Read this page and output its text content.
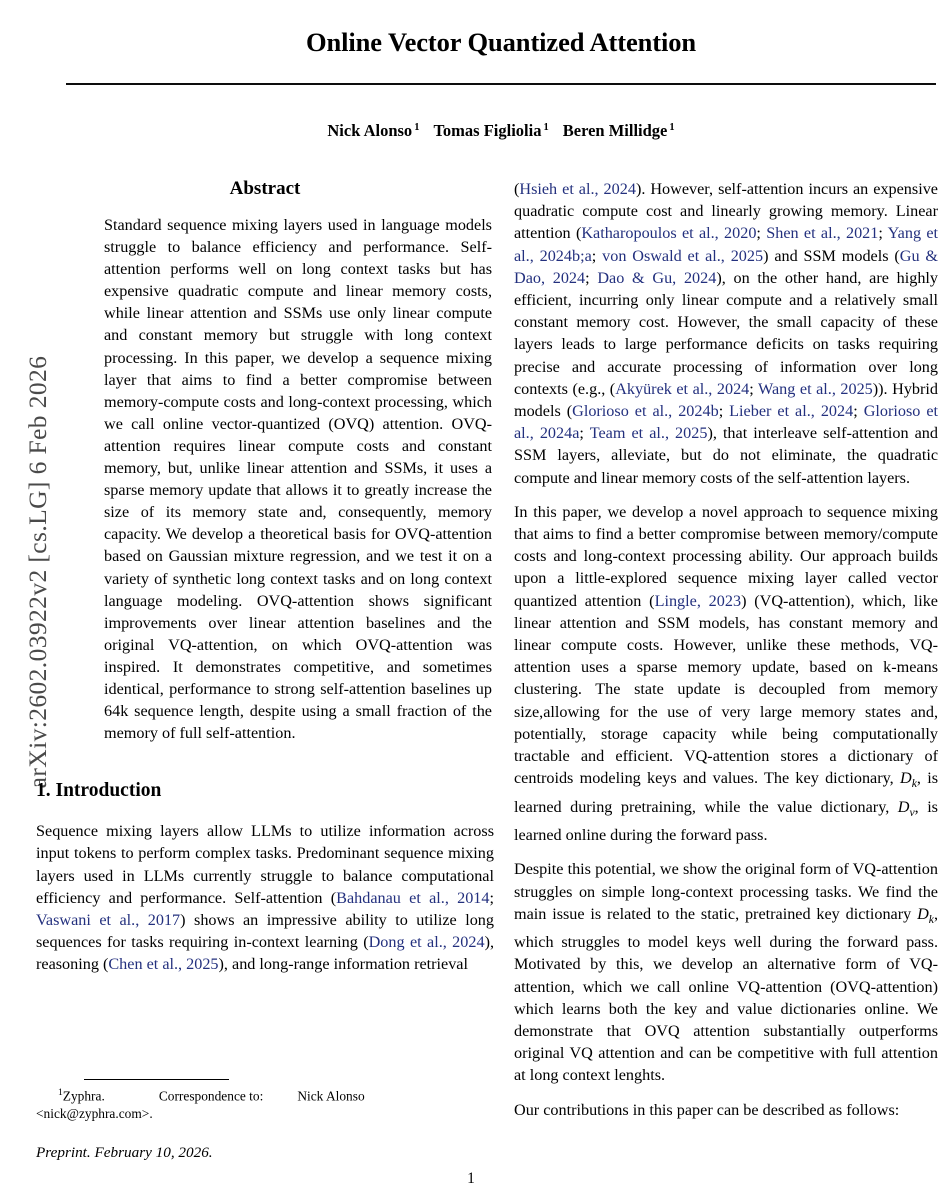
arXiv:2602.03922v2 [cs.LG] 6 Feb 2026
Online Vector Quantized Attention
Nick Alonso $^1$ Tomas Figliolia $^1$ Beren Millidge $^1$
Abstract
Standard sequence mixing layers used in language models struggle to balance efficiency and performance. Self-attention performs well on long context tasks but has expensive quadratic compute and linear memory costs, while linear attention and SSMs use only linear compute and constant memory but struggle with long context processing. In this paper, we develop a sequence mixing layer that aims to find a better compromise between memory-compute costs and long-context processing, which we call online vector-quantized (OVQ) attention. OVQ-attention requires linear compute costs and constant memory, but, unlike linear attention and SSMs, it uses a sparse memory update that allows it to greatly increase the size of its memory state and, consequently, memory capacity. We develop a theoretical basis for OVQ-attention based on Gaussian mixture regression, and we test it on a variety of synthetic long context tasks and on long context language modeling. OVQ-attention shows significant improvements over linear attention baselines and the original VQ-attention, on which OVQ-attention was inspired. It demonstrates competitive, and sometimes identical, performance to strong self-attention baselines up 64k sequence length, despite using a small fraction of the memory of full self-attention.
1. Introduction

Sequence mixing layers allow LLMs to utilize information across input tokens to perform complex tasks. Predominant sequence mixing layers used in LLMs currently struggle to balance computational efficiency and performance. Self-attention (Bahdanau et al., 2014; Vaswani et al., 2017) shows an impressive ability to utilize long sequences for tasks requiring in-context learning (Dong et al., 2024), reasoning (Chen et al., 2025), and long-range information retrieval

(Hsieh et al., 2024). However, self-attention incurs an expensive quadratic compute cost and linearly growing memory. Linear attention (Katharopoulos et al., 2020; Shen et al., 2021; Yang et al., 2024b;a; von Oswald et al., 2025) and SSM models (Gu & Dao, 2024; Dao & Gu, 2024), on the other hand, are highly efficient, incurring only linear compute and a relatively small constant memory cost. However, the small capacity of these layers leads to large performance deficits on tasks requiring precise and accurate processing of information over long contexts (e.g., (Akyürek et al., 2024; Wang et al., 2025)). Hybrid models (Glorioso et al., 2024b; Lieber et al., 2024; Glorioso et al., 2024a; Team et al., 2025), that interleave self-attention and SSM layers, alleviate, but do not eliminate, the quadratic compute and linear memory costs of the self-attention layers.

In this paper, we develop a novel approach to sequence mixing that aims to find a better compromise between memory/compute costs and long-context processing ability. Our approach builds upon a little-explored sequence mixing layer called vector quantized attention (Lingle, 2023) (VQ-attention), which, like linear attention and SSM models, has constant memory and linear compute costs. However, unlike these methods, VQ-attention uses a sparse memory update, based on k-means clustering. The state update is decoupled from memory size,allowing for the use of very large memory states and, potentially, storage capacity while being computationally tractable and efficient. VQ-attention stores a dictionary of centroids modeling keys and values. The key dictionary, $D_k$, is learned during pretraining, while the value dictionary, $D_v$, is learned online during the forward pass.

Despite this potential, we show the original form of VQ-attention struggles on simple long-context processing tasks. We find the main issue is related to the static, pretrained key dictionary $D_k$, which struggles to model keys well during the forward pass. Motivated by this, we develop an alternative form of VQ-attention, which we call online VQ-attention (OVQ-attention) which learns both the key and value dictionaries online. We demonstrate that OVQ attention substantially outperforms original VQ attention and can be competitive with full attention at long context lenghts.

Our contributions in this paper can be described as follows:

$^1$Zyphra.	Correspondence to:	Nick Alonso
<nick@zyphra.com>.

Preprint. February 10, 2026.
1
